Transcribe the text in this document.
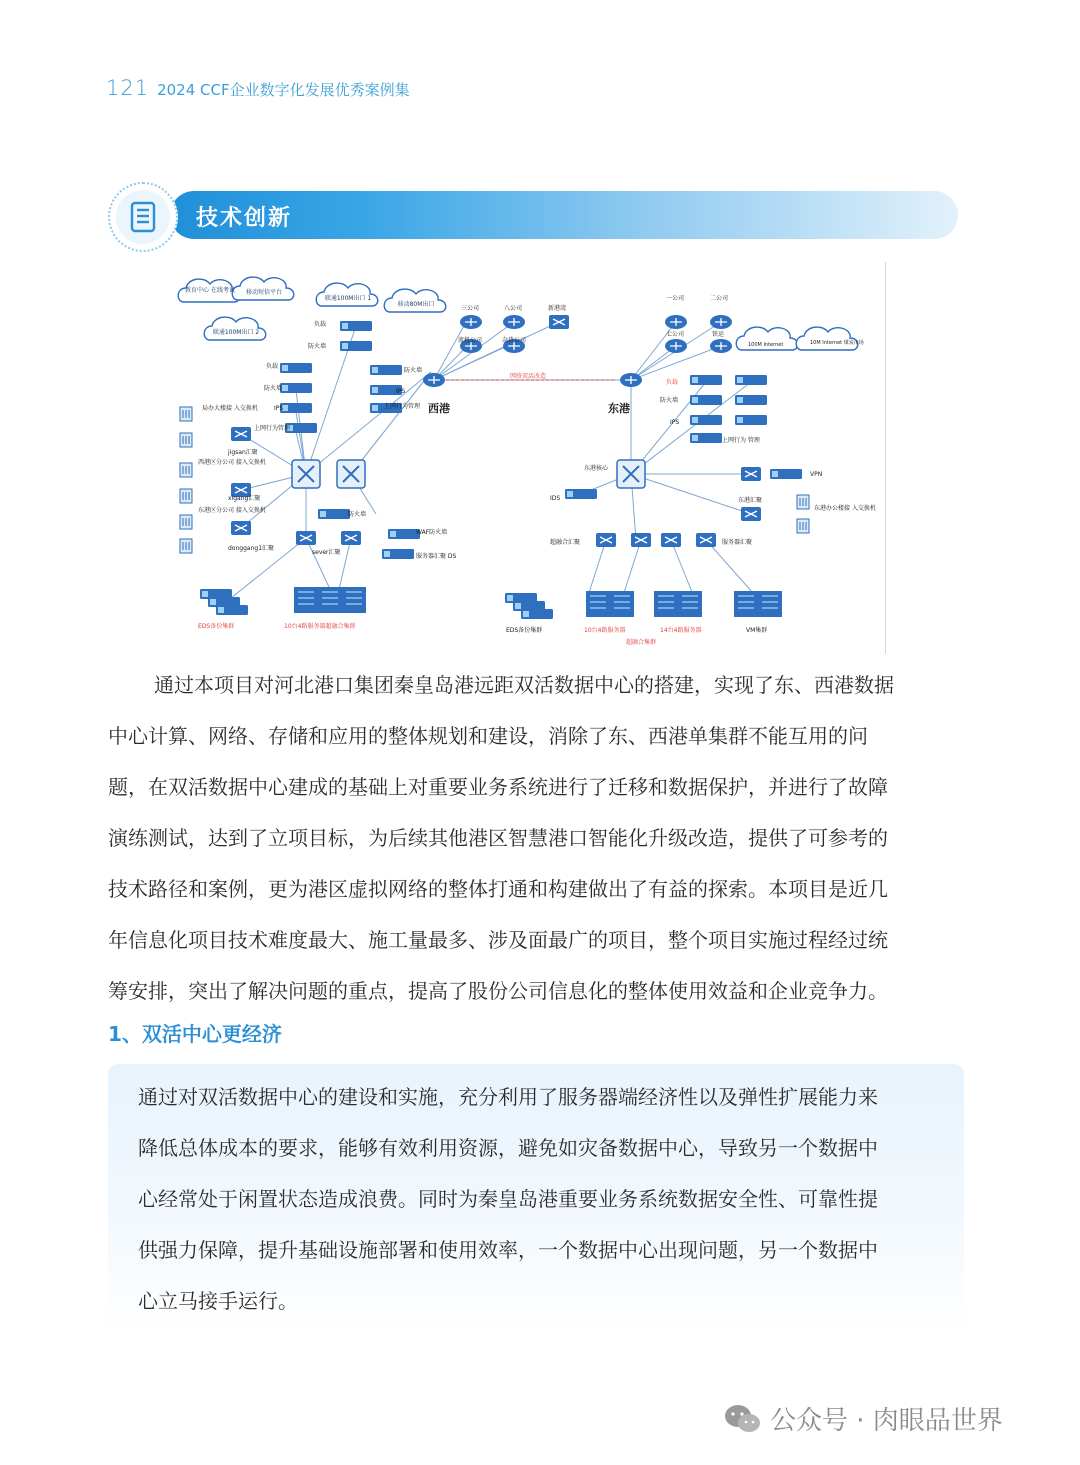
121 2024 CCF企业数字化发展优秀案例集
技术创新
教育中心 在线考试 移动短信平台
联通100M出口 1
移动80M出口
联通100M出口 2
负载
防火墙
负载
防火墙
IPS
上网行为管理
防火墙
IPS
上网行为管理
局办大楼接 入交换机
jigsan汇聚
西港区分公司 接入交换机
xigang汇聚
东港区分公司 接入交换机
donggang1汇聚
防火墙
sever汇聚
WAF防火墙
服务器汇聚 DS
EDS备份集群	10台4路服务器超融合集群
西港	东港
网络双活改造
三公司	八公司	新港湾
流机公司	杂货公司
一公司	二公司
七公司	铁运
100M Internet	10M Internet 煤炭市场
负载
防火墙
IPS
上网行为 管理
东港核心
IDS
VPN
东港汇聚
东港办公楼接 入交换机
超融合汇聚	服务器汇聚
EDS备份集群	10台4路服务器	14台4路服务器
超融合集群
VM集群
通过本项目对河北港口集团秦皇岛港远距双活数据中心的搭建，实现了东、西港数据
中心计算、网络、存储和应用的整体规划和建设，消除了东、西港单集群不能互用的问
题，在双活数据中心建成的基础上对重要业务系统进行了迁移和数据保护，并进行了故障
演练测试，达到了立项目标，为后续其他港区智慧港口智能化升级改造，提供了可参考的
技术路径和案例，更为港区虚拟网络的整体打通和构建做出了有益的探索。本项目是近几
年信息化项目技术难度最大、施工量最多、涉及面最广的项目，整个项目实施过程经过统
筹安排，突出了解决问题的重点，提高了股份公司信息化的整体使用效益和企业竞争力。
1、双活中心更经济
通过对双活数据中心的建设和实施，充分利用了服务器端经济性以及弹性扩展能力来
降低总体成本的要求，能够有效利用资源，避免如灾备数据中心，导致另一个数据中
心经常处于闲置状态造成浪费。同时为秦皇岛港重要业务系统数据安全性、可靠性提
供强力保障，提升基础设施部署和使用效率，一个数据中心出现问题，另一个数据中
心立马接手运行。
公众号 · 肉眼品世界
